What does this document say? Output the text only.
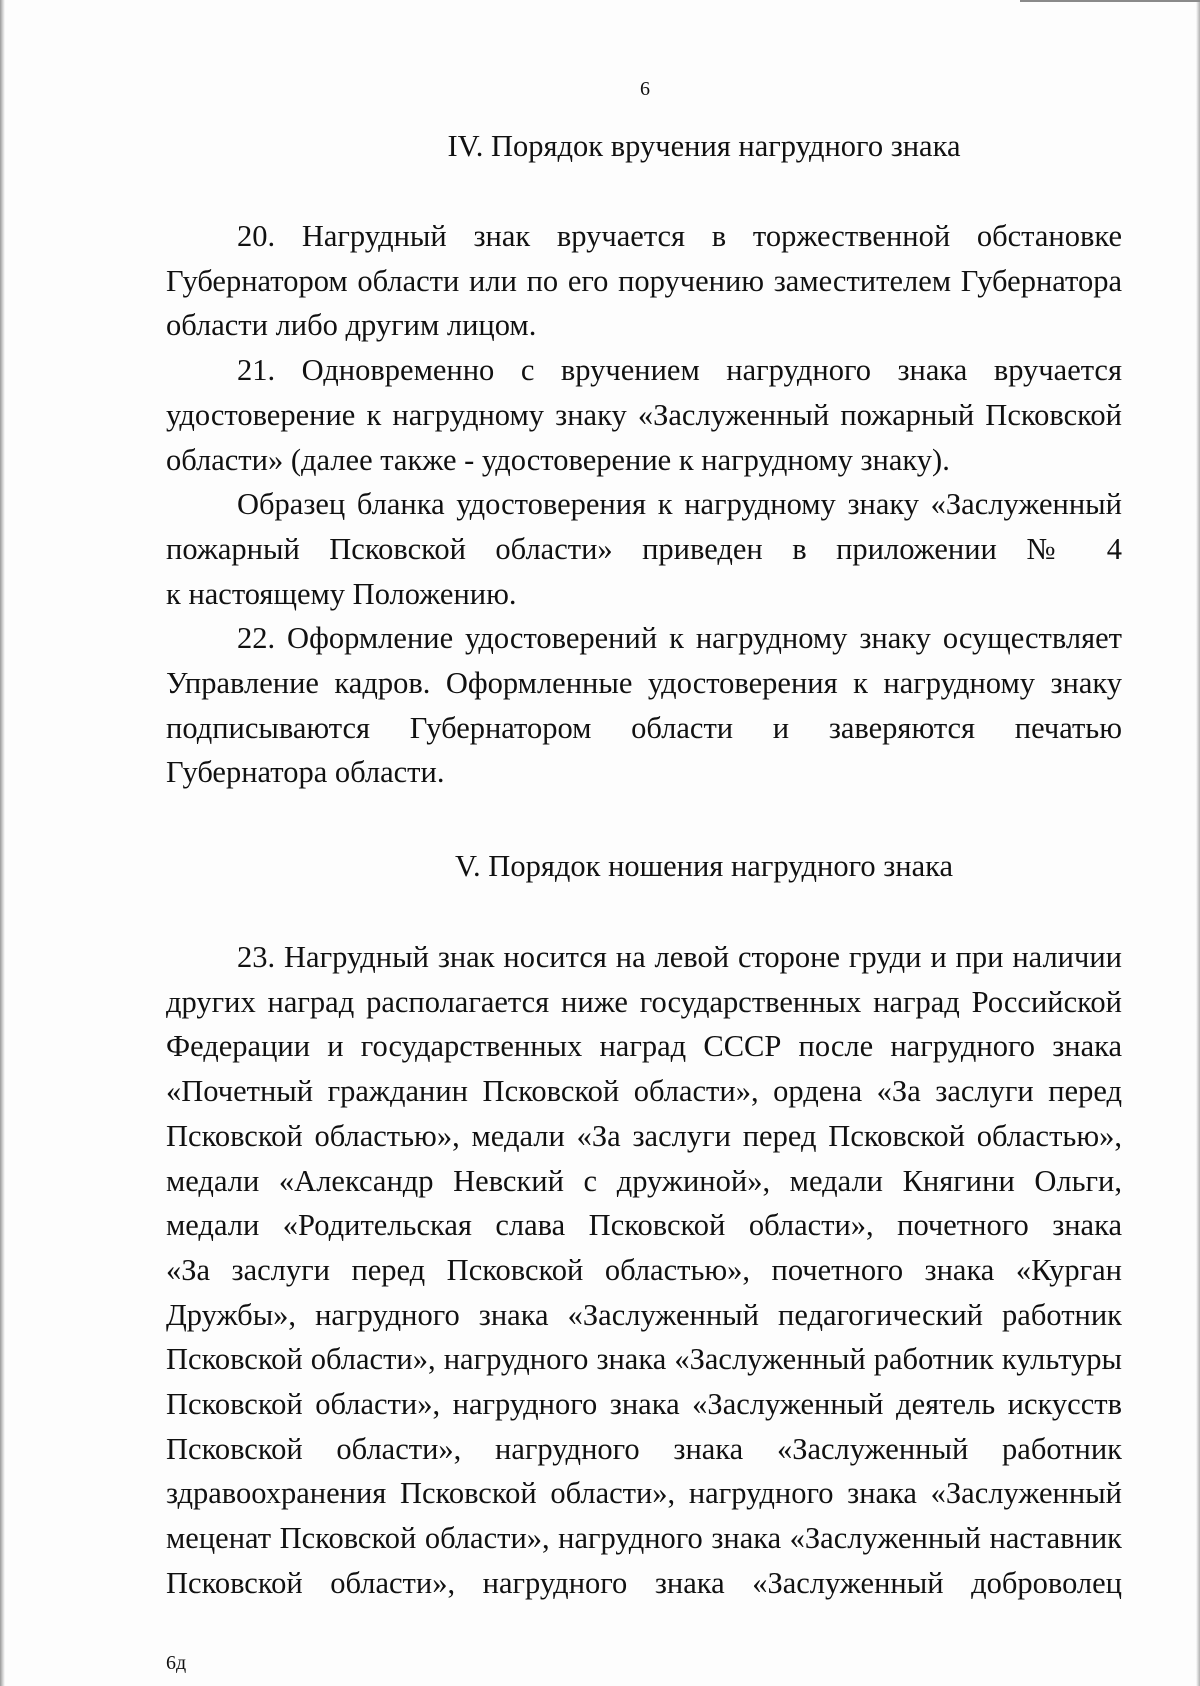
6
IV. Порядок вручения нагрудного знака
20. Нагрудный знак вручается в торжественной обстановке
Губернатором области или по его поручению заместителем Губернатора
области либо другим лицом.
21. Одновременно с вручением нагрудного знака вручается
удостоверение к нагрудному знаку «Заслуженный пожарный Псковской
области» (далее также - удостоверение к нагрудному знаку).
Образец бланка удостоверения к нагрудному знаку «Заслуженный
пожарный Псковской области» приведен в приложении № 4
к настоящему Положению.
22. Оформление удостоверений к нагрудному знаку осуществляет
Управление кадров. Оформленные удостоверения к нагрудному знаку
подписываются Губернатором области и заверяются печатью
Губернатора области.
V. Порядок ношения нагрудного знака
23. Нагрудный знак носится на левой стороне груди и при наличии
других наград располагается ниже государственных наград Российской
Федерации и государственных наград СССР после нагрудного знака
«Почетный гражданин Псковской области», ордена «За заслуги перед
Псковской областью», медали «За заслуги перед Псковской областью»,
медали «Александр Невский с дружиной», медали Княгини Ольги,
медали «Родительская слава Псковской области», почетного знака
«За заслуги перед Псковской областью», почетного знака «Курган
Дружбы», нагрудного знака «Заслуженный педагогический работник
Псковской области», нагрудного знака «Заслуженный работник культуры
Псковской области», нагрудного знака «Заслуженный деятель искусств
Псковской области», нагрудного знака «Заслуженный работник
здравоохранения Псковской области», нагрудного знака «Заслуженный
меценат Псковской области», нагрудного знака «Заслуженный наставник
Псковской области», нагрудного знака «Заслуженный доброволец
6д
